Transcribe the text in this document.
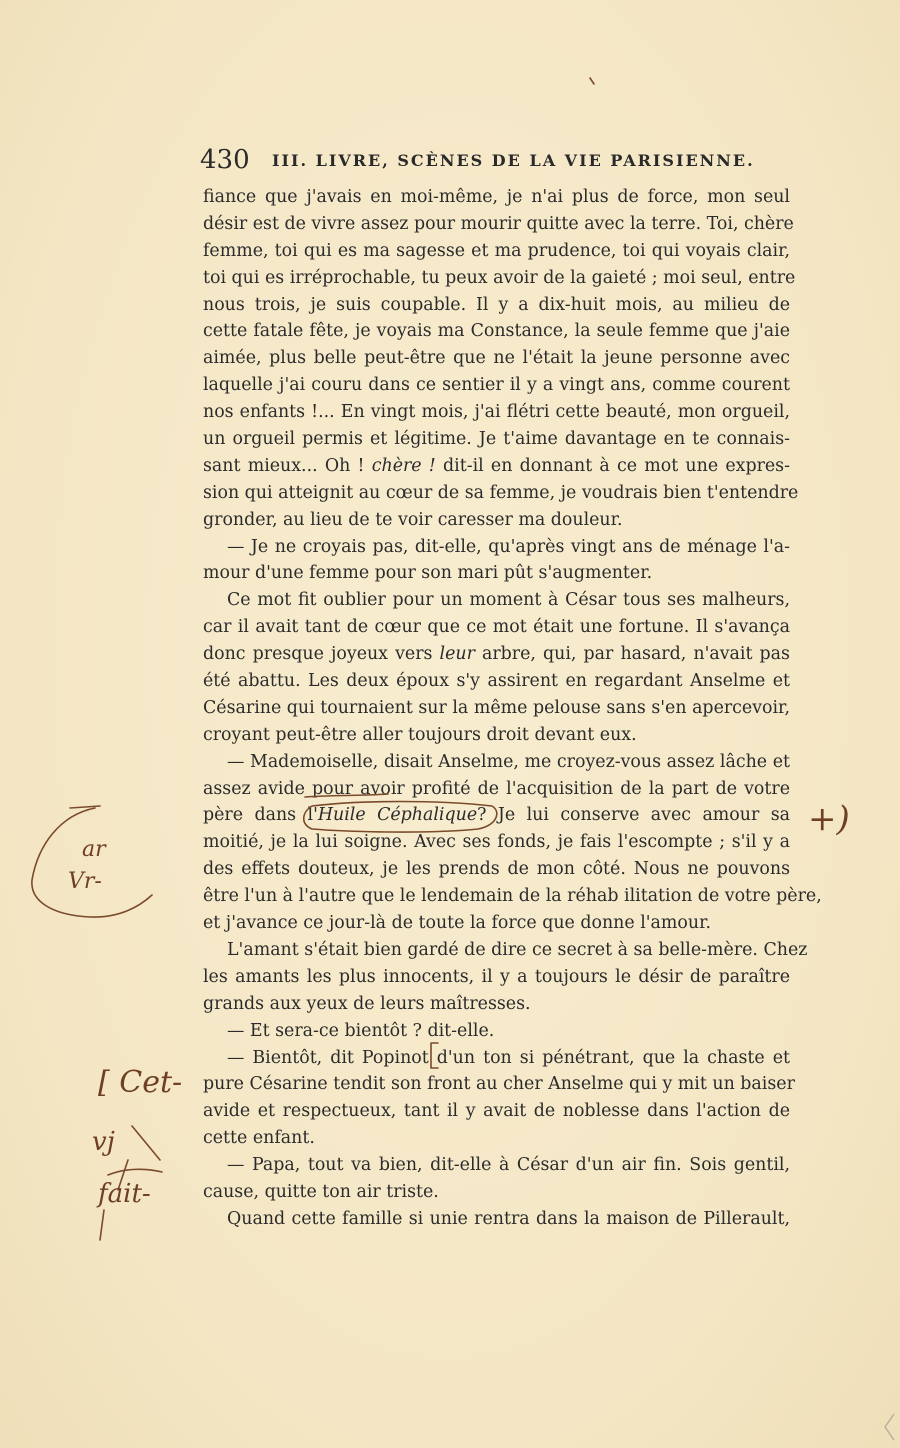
430 III. LIVRE, SCÈNES DE LA VIE PARISIENNE.
fiance que j'avais en moi-même, je n'ai plus de force, mon seul
désir est de vivre assez pour mourir quitte avec la terre. Toi, chère
femme, toi qui es ma sagesse et ma prudence, toi qui voyais clair,
toi qui es irréprochable, tu peux avoir de la gaieté ; moi seul, entre
nous trois, je suis coupable. Il y a dix-huit mois, au milieu de
cette fatale fête, je voyais ma Constance, la seule femme que j'aie
aimée, plus belle peut-être que ne l'était la jeune personne avec
laquelle j'ai couru dans ce sentier il y a vingt ans, comme courent
nos enfants !... En vingt mois, j'ai flétri cette beauté, mon orgueil,
un orgueil permis et légitime. Je t'aime davantage en te connais-
sant mieux... Oh ! chère ! dit-il en donnant à ce mot une expres-
sion qui atteignit au cœur de sa femme, je voudrais bien t'entendre
gronder, au lieu de te voir caresser ma douleur.
— Je ne croyais pas, dit-elle, qu'après vingt ans de ménage l'a-
mour d'une femme pour son mari pût s'augmenter.
Ce mot fit oublier pour un moment à César tous ses malheurs,
car il avait tant de cœur que ce mot était une fortune. Il s'avança
donc presque joyeux vers leur arbre, qui, par hasard, n'avait pas
été abattu. Les deux époux s'y assirent en regardant Anselme et
Césarine qui tournaient sur la même pelouse sans s'en apercevoir,
croyant peut-être aller toujours droit devant eux.
— Mademoiselle, disait Anselme, me croyez-vous assez lâche et
assez avide pour avoir profité de l'acquisition de la part de votre
père dans l'Huile Céphalique? Je lui conserve avec amour sa
moitié, je la lui soigne. Avec ses fonds, je fais l'escompte ; s'il y a
des effets douteux, je les prends de mon côté. Nous ne pouvons
être l'un à l'autre que le lendemain de la réhab ilitation de votre père,
et j'avance ce jour-là de toute la force que donne l'amour.
L'amant s'était bien gardé de dire ce secret à sa belle-mère. Chez
les amants les plus innocents, il y a toujours le désir de paraître
grands aux yeux de leurs maîtresses.
— Et sera-ce bientôt ? dit-elle.
— Bientôt, dit Popinot d'un ton si pénétrant, que la chaste et
pure Césarine tendit son front au cher Anselme qui y mit un baiser
avide et respectueux, tant il y avait de noblesse dans l'action de
cette enfant.
— Papa, tout va bien, dit-elle à César d'un air fin. Sois gentil,
cause, quitte ton air triste.
Quand cette famille si unie rentra dans la maison de Pillerault,
ar
Vr-
[ Cet-
vj
fait-
+)
